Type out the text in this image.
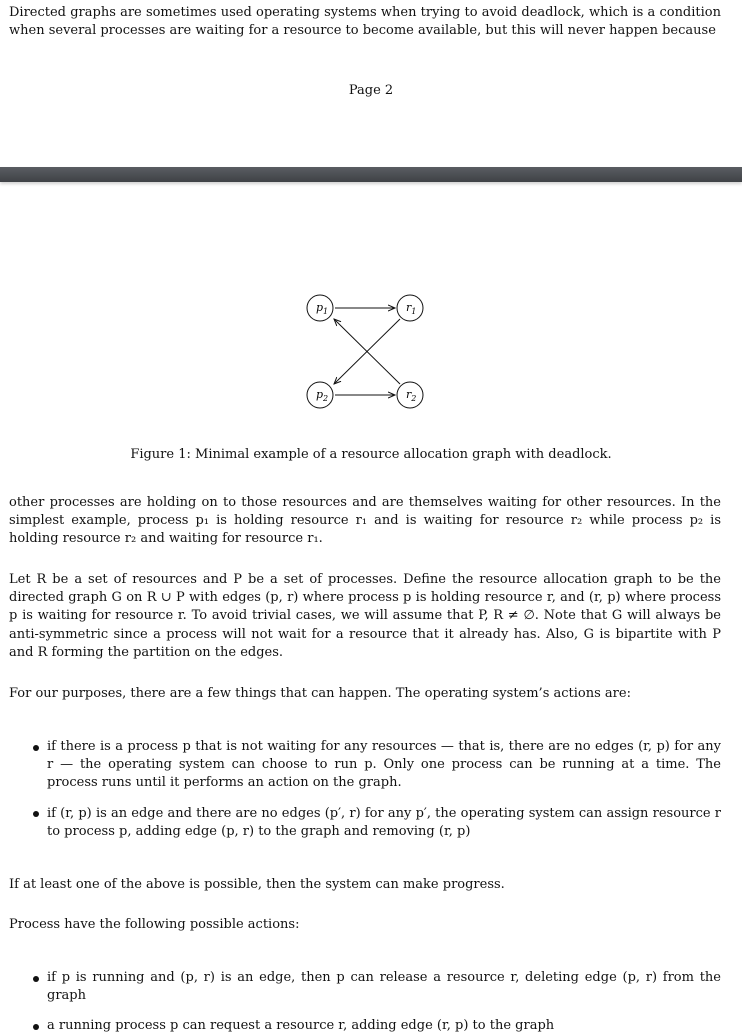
Directed graphs are sometimes used operating systems when trying to avoid deadlock, which is a condition when several processes are waiting for a resource to become available, but this will never happen because

Page 2
$p_1$	$r_1$
$p_2$	$r_2$
Figure 1: Minimal example of a resource allocation graph with deadlock.

other processes are holding on to those resources and are themselves waiting for other resources. In the simplest example, process p₁ is holding resource r₁ and is waiting for resource r₂ while process p₂ is holding resource r₂ and waiting for resource r₁.

Let R be a set of resources and P be a set of processes. Define the resource allocation graph to be the directed graph G on R ∪ P with edges (p, r) where process p is holding resource r, and (r, p) where process p is waiting for resource r. To avoid trivial cases, we will assume that P, R ≠ ∅. Note that G will always be anti-symmetric since a process will not wait for a resource that it already has. Also, G is bipartite with P and R forming the partition on the edges.

For our purposes, there are a few things that can happen. The operating system’s actions are:

if there is a process p that is not waiting for any resources — that is, there are no edges (r, p) for any r — the operating system can choose to run p. Only one process can be running at a time. The process runs until it performs an action on the graph.
if (r, p) is an edge and there are no edges (p′, r) for any p′, the operating system can assign resource r to process p, adding edge (p, r) to the graph and removing (r, p)

If at least one of the above is possible, then the system can make progress.

Process have the following possible actions:

if p is running and (p, r) is an edge, then p can release a resource r, deleting edge (p, r) from the graph
a running process p can request a resource r, adding edge (r, p) to the graph
